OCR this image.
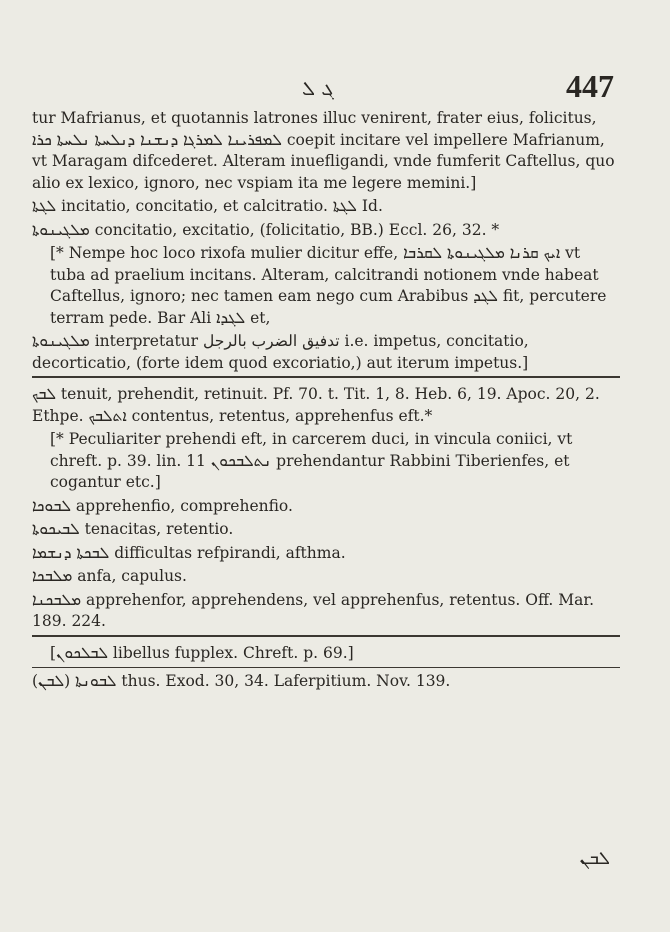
ܓ ܠ	447

tur Mafrianus, et quotannis latrones illuc venirent, frater eius, folicitus, ܠܡܦܪܝܢܐ ܠܡܪܓܐ ܕܢܫܢܐ ܕܢܠܚܬܐ ܢܠܚܬܐ ܟܪܐ coepit incitare vel impellere Mafrianum, vt Maragam difcederet. Alteram inuefligandi, vnde fumferit Caftellus, quo alio ex lexico, ignoro, nec vspiam ita me legere memini.]

ܠܓܬܐ incitatio, concitatio, et calcitratio. ܠܓܬܐ Id.

ܡܠܓܝܢܘܬܐ concitatio, excitatio, (folicitatio, BB.) Eccl. 26, 32. *

[* Nempe hoc loco rixofa mulier dicitur effe, ܐܝܟ ܩܪܢܐ ܡܠܓܝܢܘܬܐ ܠܩܪܒܐ vt tuba ad praelium incitans. Alteram, calcitrandi notionem vnde habeat Caftellus, ignoro; nec tamen eam nego cum Arabibus ܠܓܕ fit, percutere terram pede. Bar Ali ܠܓܕܐ et,

ܡܠܓܝܢܘܬܐ interpretatur تدفيق الضرب بالرجل i.e. impetus, concitatio, decorticatio, (forte idem quod excoriatio,) aut iterum impetus.]

ܠܒܟ tenuit, prehendit, retinuit. Pf. 70. t. Tit. 1, 8. Heb. 6, 19. Apoc. 20, 2. Ethpe. ܐܬܠܒܟ contentus, retentus, apprehenfus eft.*

[* Peculiariter prehendi eft, in carcerem duci, in vincula coniici, vt chreft. p. 39. lin. 11 ܢܬܠܒܟܘܢ prehendantur Rabbini Tiberienfes, et cogantur etc.]

ܠܒܘܟܐ apprehenfio, comprehenfio.

ܠܒܝܟܘܬܐ tenacitas, retentio.

ܠܒܟܬܐ ܕܢܫܡܐ difficultas refpirandi, afthma.

ܡܠܒܟܐ anfa, capulus.

ܡܠܒܟܢܐ apprehenfor, apprehendens, vel apprehenfus, retentus. Off. Mar. 189. 224.

[ܠܒܠܟܘܢ libellus fupplex. Chreft. p. 69.]

(ܠܒܢ) ܠܒܘܢܬܐ thus. Exod. 30, 34. Laferpitium. Nov. 139.

ܠܒܢ
